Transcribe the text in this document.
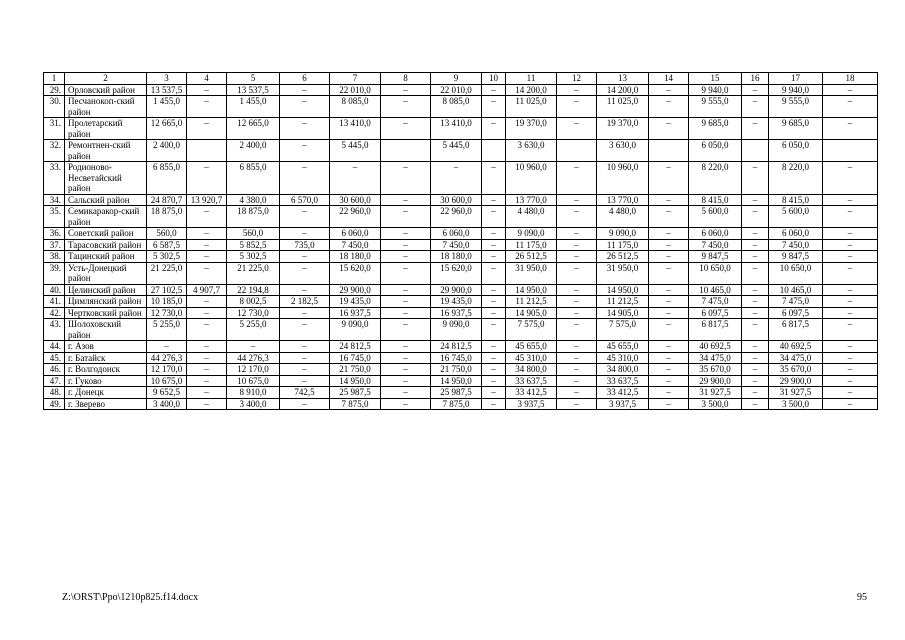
1	2	3	4	5	6	7	8	9	10	11	12	13	14	15	16	17	18
29.	Орловский район	13 537,5	–	13 537,5	–	22 010,0	–	22 010,0	–	14 200,0	–	14 200,0	–	9 940,0	–	9 940,0	–
30.	Песчанокоп-ский район	1 455,0	–	1 455,0	–	8 085,0	–	8 085,0	–	11 025,0	–	11 025,0	–	9 555,0	–	9 555,0	–
31.	Пролетарский район	12 665,0	–	12 665,0	–	13 410,0	–	13 410,0	–	19 370,0	–	19 370,0	–	9 685,0	–	9 685,0	–
32.	Ремонтнен-ский район	2 400,0		2 400,0	–	5 445,0		5 445,0		3 630,0		3 630,0		6 050,0		6 050,0	
33.	Родионово-Несветайский район	6 855,0	–	6 855,0	–	–	–	–	–	10 960,0	–	10 960,0	–	8 220,0	–	8 220,0	–
34.	Сальский район	24 870,7	13 920,7	4 380,0	6 570,0	30 600,0	–	30 600,0	–	13 770,0	–	13 770,0	–	8 415,0	–	8 415,0	–
35.	Семикаракор-ский район	18 875,0	–	18 875,0	–	22 960,0	–	22 960,0	–	4 480,0	–	4 480,0	–	5 600,0	–	5 600,0	–
36.	Советский район	560,0	–	560,0	–	6 060,0	–	6 060,0	–	9 090,0	–	9 090,0	–	6 060,0	–	6 060,0	–
37.	Тарасовский район	6 587,5	–	5 852,5	735,0	7 450,0	–	7 450,0	–	11 175,0	–	11 175,0	–	7 450,0	–	7 450,0	–
38.	Тацинский район	5 302,5	–	5 302,5	–	18 180,0	–	18 180,0	–	26 512,5	–	26 512,5	–	9 847,5	–	9 847,5	–
39.	Усть-Донецкий район	21 225,0	–	21 225,0	–	15 620,0	–	15 620,0	–	31 950,0	–	31 950,0	–	10 650,0	–	10 650,0	–
40.	Целинский район	27 102,5	4 907,7	22 194,8	–	29 900,0	–	29 900,0	–	14 950,0	–	14 950,0	–	10 465,0	–	10 465,0	–
41.	Цимлянский район	10 185,0	–	8 002,5	2 182,5	19 435,0	–	19 435,0	–	11 212,5	–	11 212,5	–	7 475,0	–	7 475,0	–
42.	Чертковский район	12 730,0	–	12 730,0	–	16 937,5	–	16 937,5	–	14 905,0	–	14 905,0	–	6 097,5	–	6 097,5	–
43.	Шолоховский район	5 255,0	–	5 255,0	–	9 090,0	–	9 090,0	–	7 575,0	–	7 575,0	–	6 817,5	–	6 817,5	–
44.	г. Азов	–	–	–	–	24 812,5	–	24 812,5	–	45 655,0	–	45 655,0	–	40 692,5	–	40 692,5	–
45.	г. Батайск	44 276,3	–	44 276,3	–	16 745,0	–	16 745,0	–	45 310,0	–	45 310,0	–	34 475,0	–	34 475,0	–
46.	г. Волгодонск	12 170,0	–	12 170,0	–	21 750,0	–	21 750,0	–	34 800,0	–	34 800,0	–	35 670,0	–	35 670,0	–
47.	г. Гуково	10 675,0	–	10 675,0	–	14 950,0	–	14 950,0	–	33 637,5	–	33 637,5	–	29 900,0	–	29 900,0	–
48.	г. Донецк	9 652,5	–	8 910,0	742,5	25 987,5	–	25 987,5	–	33 412,5	–	33 412,5	–	31 927,5	–	31 927,5	–
49.	г. Зверево	3 400,0	–	3 400,0	–	7 875,0	–	7 875,0	–	3 937,5	–	3 937,5	–	3 500,0	–	3 500,0	–
Z:\ORST\Ppo\1210p825.f14.docx	95
